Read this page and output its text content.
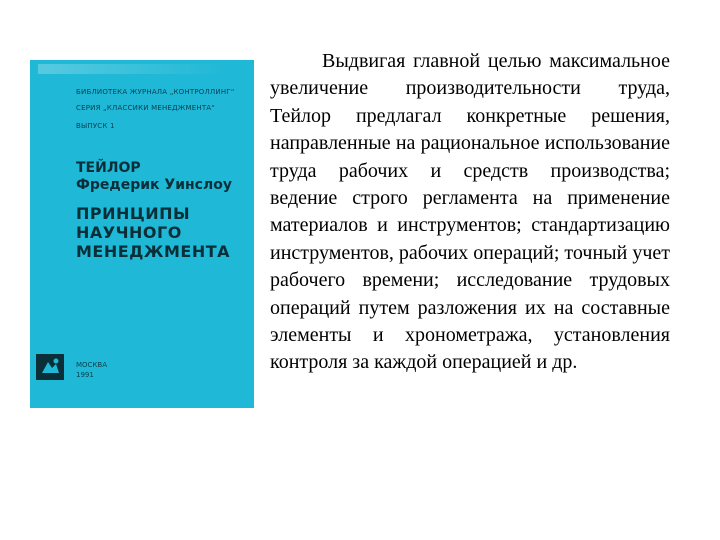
БИБЛИОТЕКА ЖУРНАЛА „КОНТРОЛЛИНГ“
СЕРИЯ „КЛАССИКИ МЕНЕДЖМЕНТА“
ВЫПУСК 1
ТЕЙЛОР
Фредерик Уинслоу
ПРИНЦИПЫ
НАУЧНОГО
МЕНЕДЖМЕНТА
МОСКВА
1991

Выдвигая главной целью максимальное увеличение производительности труда, Тейлор предлагал конкретные решения, направленные на рациональное использование труда рабочих и средств производства; ведение строго регламента на применение материалов и инструментов; стандартизацию инструментов, рабочих операций; точный учет рабочего времени; исследование трудовых операций путем разложения их на составные элементы и хронометража, установления контроля за каждой операцией и др.
